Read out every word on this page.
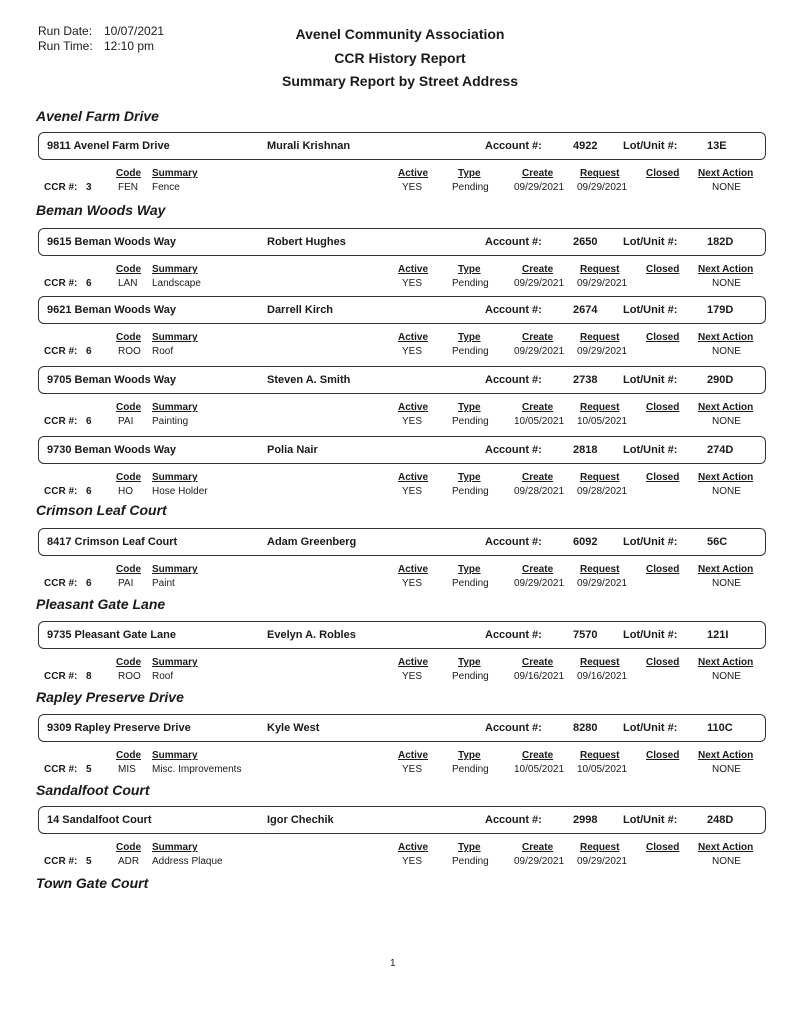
Run Date: 10/07/2021
Run Time: 12:10 pm
Avenel Community Association
CCR History Report
Summary Report by Street Address
Avenel Farm Drive
Beman Woods Way
Crimson Leaf Court
Pleasant Gate Lane
Rapley Preserve Drive
Sandalfoot Court
Town Gate Court
9811 Avenel Farm Drive	Murali Krishnan	Account #:	4922 Lot/Unit #:	13E
Code Summary	Active	Type	Create	Request	Closed Next Action
CCR #: 3	FEN Fence	YES	Pending	09/29/2021 09/29/2021	NONE
9615 Beman Woods Way	Robert Hughes	Account #:	2650 Lot/Unit #:	182D
Code Summary	Active	Type	Create	Request	Closed Next Action
CCR #: 6	LAN Landscape	YES	Pending	09/29/2021 09/29/2021	NONE
9621 Beman Woods Way	Darrell Kirch	Account #:	2674 Lot/Unit #:	179D
Code Summary	Active	Type	Create	Request	Closed Next Action
CCR #: 6	ROO Roof	YES	Pending	09/29/2021 09/29/2021	NONE
9705 Beman Woods Way	Steven A. Smith	Account #:	2738 Lot/Unit #:	290D
Code Summary	Active	Type	Create	Request	Closed Next Action
CCR #: 6	PAI Painting	YES	Pending	10/05/2021 10/05/2021	NONE
9730 Beman Woods Way	Polia Nair	Account #:	2818 Lot/Unit #:	274D
Code Summary	Active	Type	Create	Request	Closed Next Action
CCR #: 6	HO Hose Holder	YES	Pending	09/28/2021 09/28/2021	NONE
8417 Crimson Leaf Court	Adam Greenberg	Account #:	6092 Lot/Unit #:	56C
Code Summary	Active	Type	Create	Request	Closed Next Action
CCR #: 6	PAI Paint	YES	Pending	09/29/2021 09/29/2021	NONE
9735 Pleasant Gate Lane	Evelyn A. Robles	Account #:	7570 Lot/Unit #:	121I
Code Summary	Active	Type	Create	Request	Closed Next Action
CCR #: 8	ROO Roof	YES	Pending	09/16/2021 09/16/2021	NONE
9309 Rapley Preserve Drive	Kyle West	Account #:	8280 Lot/Unit #:	110C
Code Summary	Active	Type	Create	Request	Closed Next Action
CCR #: 5	MIS Misc. Improvements	YES	Pending	10/05/2021 10/05/2021	NONE
14 Sandalfoot Court	Igor Chechik	Account #:	2998 Lot/Unit #:	248D
Code Summary	Active	Type	Create	Request	Closed Next Action
CCR #: 5	ADR Address Plaque	YES	Pending	09/29/2021 09/29/2021	NONE
1
